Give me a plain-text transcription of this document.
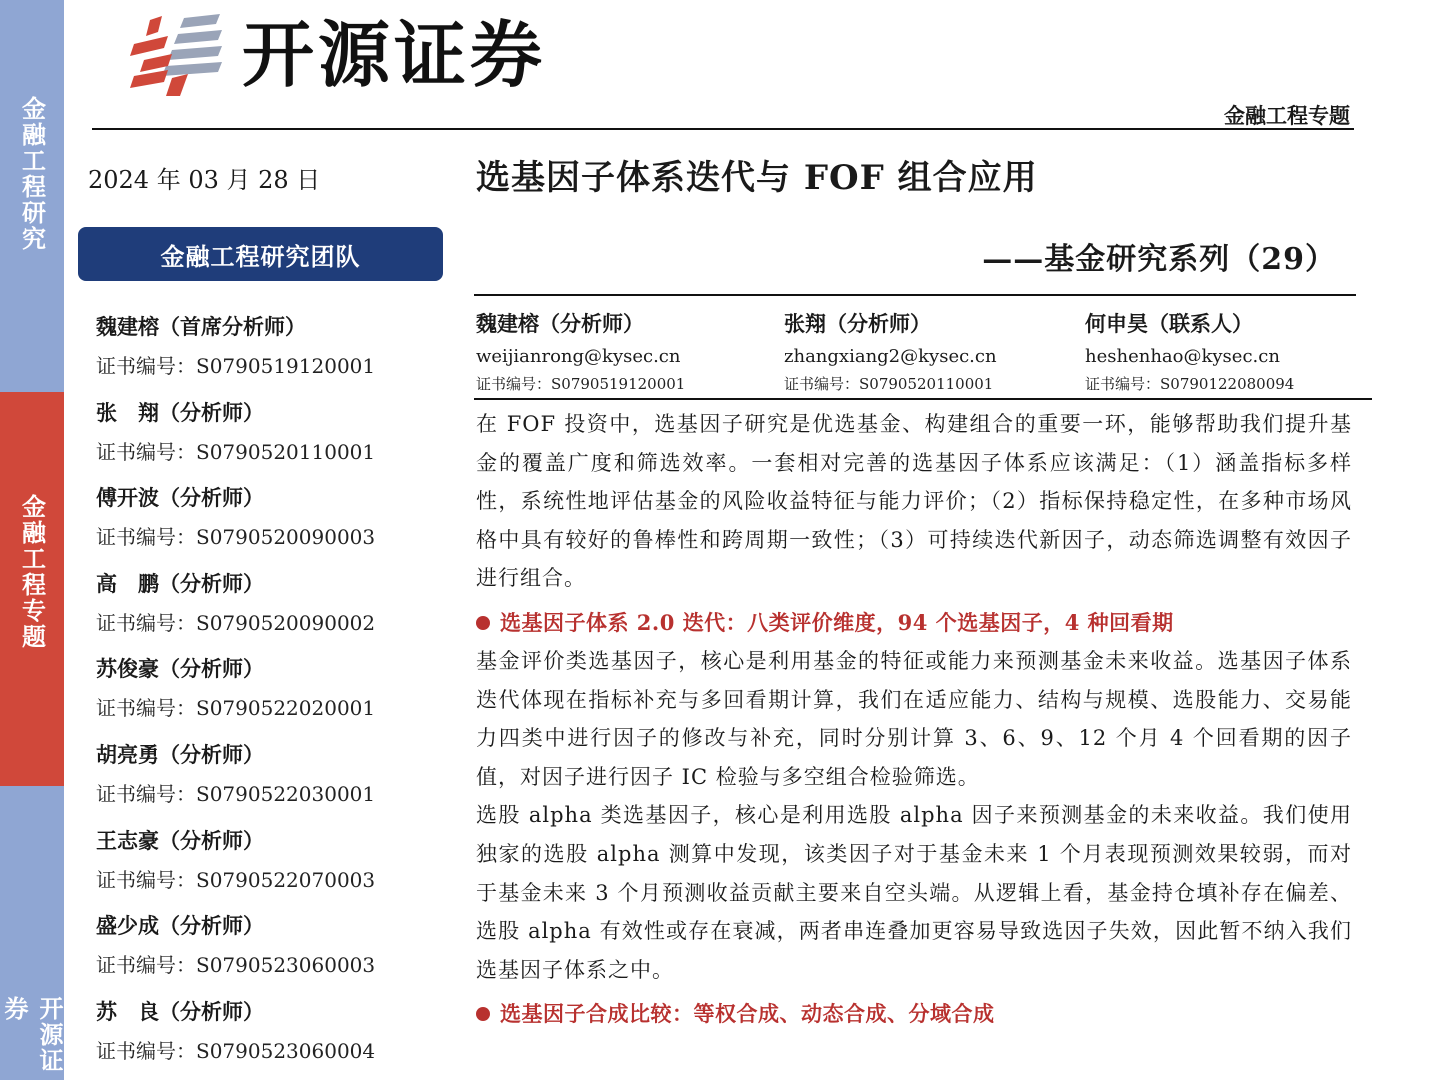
金融工程研究
金融工程专题
开源证券
开源证券
金融工程专题
2024 年 03 月 28 日	选基因子体系迭代与 FOF 组合应用
——基金研究系列（29）
金融工程研究团队
魏建榕（首席分析师）
证书编号：S0790519120001
张　翔（分析师）
证书编号：S0790520110001
傅开波（分析师）
证书编号：S0790520090003
高　鹏（分析师）
证书编号：S0790520090002
苏俊豪（分析师）
证书编号：S0790522020001
胡亮勇（分析师）
证书编号：S0790522030001
王志豪（分析师）
证书编号：S0790522070003
盛少成（分析师）
证书编号：S0790523060003
苏　良（分析师）
证书编号：S0790523060004
魏建榕（分析师）
weijianrong@kysec.cn
证书编号：S0790519120001
张翔（分析师）
zhangxiang2@kysec.cn
证书编号：S0790520110001
何申昊（联系人）
heshenhao@kysec.cn
证书编号：S0790122080094

在 FOF 投资中，选基因子研究是优选基金、构建组合的重要一环，能够帮助我们提升基金的覆盖广度和筛选效率。一套相对完善的选基因子体系应该满足：（1）涵盖指标多样性，系统性地评估基金的风险收益特征与能力评价；（2）指标保持稳定性，在多种市场风格中具有较好的鲁棒性和跨周期一致性；（3）可持续迭代新因子，动态筛选调整有效因子进行组合。

选基因子体系 2.0 迭代：八类评价维度，94 个选基因子，4 种回看期

基金评价类选基因子，核心是利用基金的特征或能力来预测基金未来收益。选基因子体系迭代体现在指标补充与多回看期计算，我们在适应能力、结构与规模、选股能力、交易能力四类中进行因子的修改与补充，同时分别计算 3、6、9、12 个月 4 个回看期的因子值，对因子进行因子 IC 检验与多空组合检验筛选。

选股 alpha 类选基因子，核心是利用选股 alpha 因子来预测基金的未来收益。我们使用独家的选股 alpha 测算中发现，该类因子对于基金未来 1 个月表现预测效果较弱，而对于基金未来 3 个月预测收益贡献主要来自空头端。从逻辑上看，基金持仓填补存在偏差、选股 alpha 有效性或存在衰减，两者串连叠加更容易导致选因子失效，因此暂不纳入我们选基因子体系之中。

选基因子合成比较：等权合成、动态合成、分域合成
